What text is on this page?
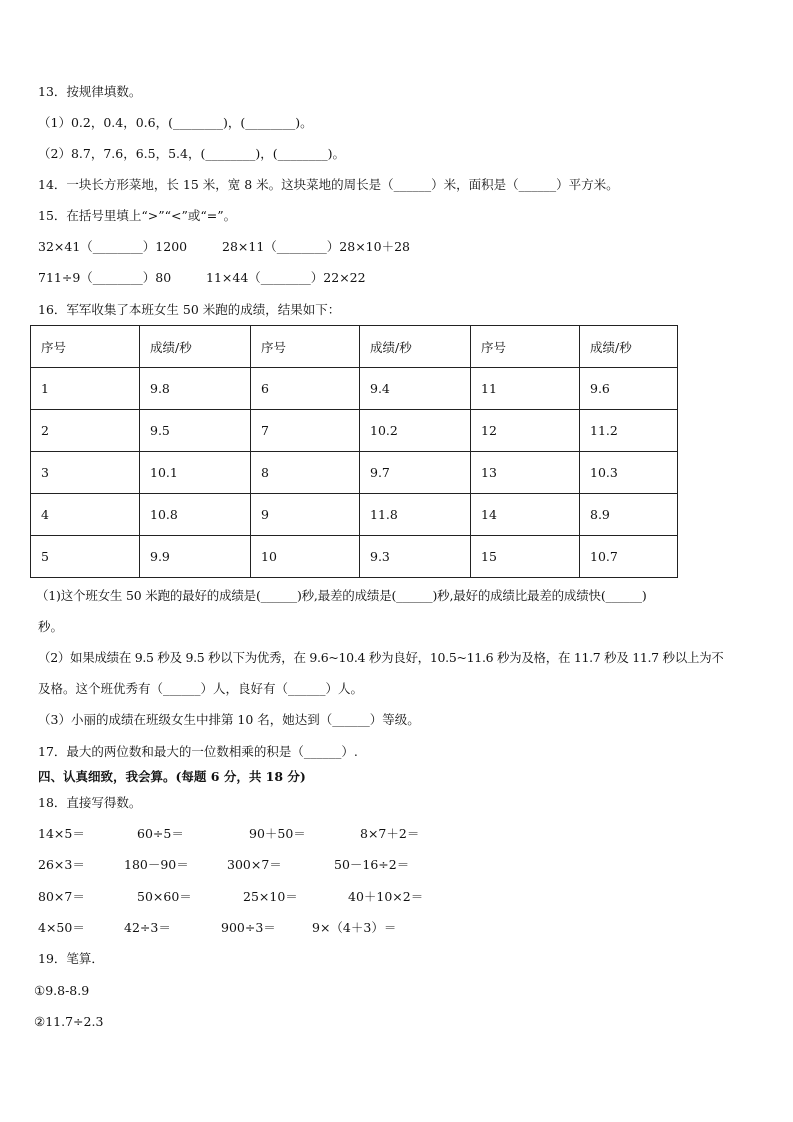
13．按规律填数。
（1）0.2，0.4，0.6，(________)，(________)。
（2）8.7，7.6，6.5，5.4，(________)，(________)。
14．一块长方形菜地，长 15 米，宽 8 米。这块菜地的周长是（______）米，面积是（______）平方米。
15．在括号里填上“>”“<”或“=”。
32×41（________）1200	28×11（________）28×10＋28
711÷9（________）80	11×44（________）22×22
16．军军收集了本班女生 50 米跑的成绩，结果如下：
序号	成绩/秒	序号	成绩/秒	序号	成绩/秒
1	9.8	6	9.4	11	9.6
2	9.5	7	10.2	12	11.2
3	10.1	8	9.7	13	10.3
4	10.8	9	11.8	14	8.9
5	9.9	10	9.3	15	10.7
（1)这个班女生 50 米跑的最好的成绩是(______)秒,最差的成绩是(______)秒,最好的成绩比最差的成绩快(______)
秒。
（2）如果成绩在 9.5 秒及 9.5 秒以下为优秀，在 9.6~10.4 秒为良好，10.5~11.6 秒为及格，在 11.7 秒及 11.7 秒以上为不
及格。这个班优秀有（______）人，良好有（______）人。
（3）小丽的成绩在班级女生中排第 10 名，她达到（______）等级。
17．最大的两位数和最大的一位数相乘的积是（______）.
四、认真细致，我会算。(每题 6 分，共 18 分)
18．直接写得数。
14×5＝	60÷5＝	90＋50＝	8×7＋2＝
26×3＝	180－90＝	300×7＝	50－16÷2＝
80×7＝	50×60＝	25×10＝	40＋10×2＝
4×50＝	42÷3＝	900÷3＝	9×（4＋3）＝
19．笔算．
①9.8-8.9
②11.7÷2.3
